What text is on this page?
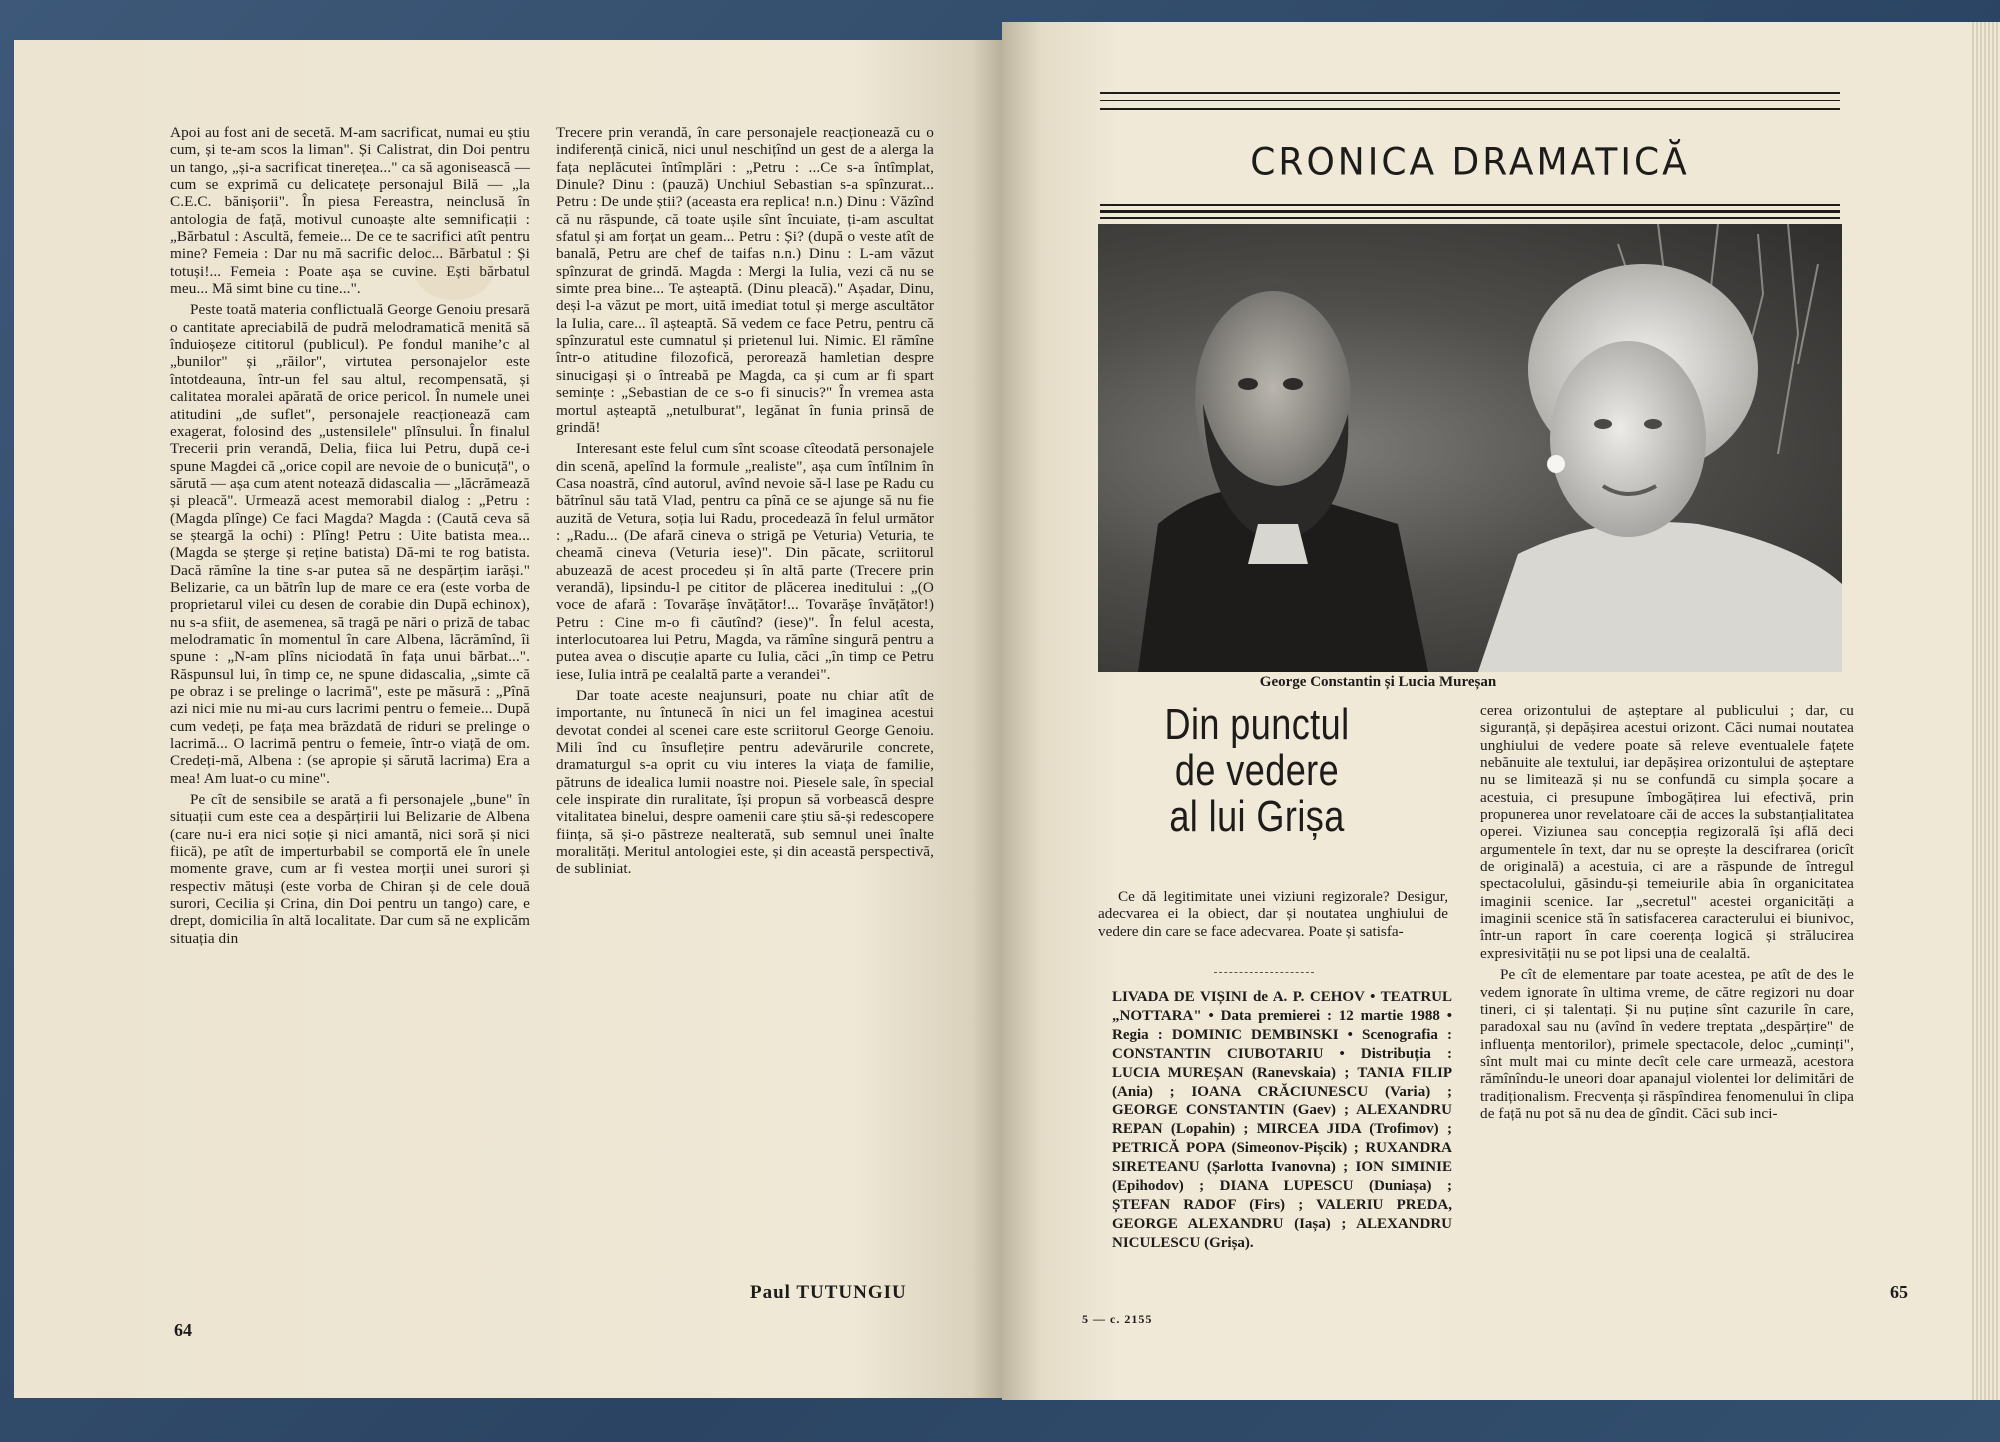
Apoi au fost ani de secetă. M-am sacrificat, numai eu știu cum, și te-am scos la liman". Și Calistrat, din Doi pentru un tango, „și-a sacrificat tinerețea..." ca să agonisească — cum se exprimă cu delicatețe personajul Bilă — „la C.E.C. bănișorii". În piesa Fereastra, neinclusă în antologia de față, motivul cunoaște alte semnificații : „Bărbatul : Ascultă, femeie... De ce te sacrifici atît pentru mine? Femeia : Dar nu mă sacrific deloc... Bărbatul : Și totuși!... Femeia : Poate așa se cuvine. Ești bărbatul meu... Mă simt bine cu tine...".

Peste toată materia conflictuală George Genoiu presară o cantitate apreciabilă de pudră melodramatică menită să înduioșeze cititorul (publicul). Pe fondul manihe’c al „bunilor" și „răilor", virtutea personajelor este întotdeauna, într-un fel sau altul, recompensată, și calitatea moralei apărată de orice pericol. În numele unei atitudini „de suflet", personajele reacționează cam exagerat, folosind des „ustensilele" plînsului. În finalul Trecerii prin verandă, Delia, fiica lui Petru, după ce-i spune Magdei că „orice copil are nevoie de o bunicuță", o sărută — așa cum atent notează didascalia — „lăcrămează și pleacă". Urmează acest memorabil dialog : „Petru : (Magda plînge) Ce faci Magda? Magda : (Caută ceva să se șteargă la ochi) : Plîng! Petru : Uite batista mea... (Magda se șterge și reține batista) Dă-mi te rog batista. Dacă rămîne la tine s-ar putea să ne despărțim iarăși." Belizarie, ca un bătrîn lup de mare ce era (este vorba de proprietarul vilei cu desen de corabie din După echinox), nu s-a sfiit, de asemenea, să tragă pe nări o priză de tabac melodramatic în momentul în care Albena, lăcrămînd, îi spune : „N-am plîns niciodată în fața unui bărbat...". Răspunsul lui, în timp ce, ne spune didascalia, „simte că pe obraz i se prelinge o lacrimă", este pe măsură : „Pînă azi nici mie nu mi-au curs lacrimi pentru o femeie... După cum vedeți, pe fața mea brăzdată de riduri se prelinge o lacrimă... O lacrimă pentru o femeie, într-o viață de om. Credeți-mă, Albena : (se apropie și sărută lacrima) Era a mea! Am luat-o cu mine".

Pe cît de sensibile se arată a fi personajele „bune" în situații cum este cea a despărțirii lui Belizarie de Albena (care nu-i era nici soție și nici amantă, nici soră și nici fiică), pe atît de imperturbabil se comportă ele în unele momente grave, cum ar fi vestea morții unei surori și respectiv mătuși (este vorba de Chiran și de cele două surori, Cecilia și Crina, din Doi pentru un tango) care, e drept, domicilia în altă localitate. Dar cum să ne explicăm situația din

Trecere prin verandă, în care personajele reacționează cu o indiferență cinică, nici unul neschițînd un gest de a alerga la fața neplăcutei întîmplări : „Petru : ...Ce s-a întîmplat, Dinule? Dinu : (pauză) Unchiul Sebastian s-a spînzurat... Petru : De unde știi? (aceasta era replica! n.n.) Dinu : Văzînd că nu răspunde, că toate ușile sînt încuiate, ți-am ascultat sfatul și am forțat un geam... Petru : Și? (după o veste atît de banală, Petru are chef de taifas n.n.) Dinu : L-am văzut spînzurat de grindă. Magda : Mergi la Iulia, vezi că nu se simte prea bine... Te așteaptă. (Dinu pleacă)." Așadar, Dinu, deși l-a văzut pe mort, uită imediat totul și merge ascultător la Iulia, care... îl așteaptă. Să vedem ce face Petru, pentru că spînzuratul este cumnatul și prietenul lui. Nimic. El rămîne într-o atitudine filozofică, perorează hamletian despre sinucigași și o întreabă pe Magda, ca și cum ar fi spart semințe : „Sebastian de ce s-o fi sinucis?" În vremea asta mortul așteaptă „netulburat", legănat în funia prinsă de grindă!

Interesant este felul cum sînt scoase cîteodată personajele din scenă, apelînd la formule „realiste", așa cum întîlnim în Casa noastră, cînd autorul, avînd nevoie să-l lase pe Radu cu bătrînul său tată Vlad, pentru ca pînă ce se ajunge să nu fie auzită de Vetura, soția lui Radu, procedează în felul următor : „Radu... (De afară cineva o strigă pe Veturia) Veturia, te cheamă cineva (Veturia iese)". Din păcate, scriitorul abuzează de acest procedeu și în altă parte (Trecere prin verandă), lipsindu-l pe cititor de plăcerea ineditului : „(O voce de afară : Tovarășe învățător!... Tovarășe învățător!) Petru : Cine m-o fi căutînd? (iese)". În felul acesta, interlocutoarea lui Petru, Magda, va rămîne singură pentru a putea avea o discuție aparte cu Iulia, căci „în timp ce Petru iese, Iulia intră pe cealaltă parte a verandei".

Dar toate aceste neajunsuri, poate nu chiar atît de importante, nu întunecă în nici un fel imaginea acestui devotat condei al scenei care este scriitorul George Genoiu. Mili înd cu însuflețire pentru adevărurile concrete, dramaturgul s-a oprit cu viu interes la viața de familie, pătruns de idealica lumii noastre noi. Piesele sale, în special cele inspirate din ruralitate, își propun să vorbească despre vitalitatea binelui, despre oamenii care știu să-și redescopere ființa, să și-o păstreze nealterată, sub semnul unei înalte moralități. Meritul antologiei este, și din această perspectivă, de subliniat.

Paul TUTUNGIU
64
CRONICA DRAMATICĂ
George Constantin și Lucia Mureșan
Din punctul
de vedere
al lui Grișa

Ce dă legitimitate unei viziuni regizorale? Desigur, adecvarea ei la obiect, dar și noutatea unghiului de vedere din care se face adecvarea. Poate și satisfa-

LIVADA DE VIȘINI de A. P. CEHOV • TEATRUL „NOTTARA" • Data premierei : 12 martie 1988 • Regia : DOMINIC DEMBINSKI • Scenografia : CONSTANTIN CIUBOTARIU • Distribuția : LUCIA MUREȘAN (Ranevskaia) ; TANIA FILIP (Ania) ; IOANA CRĂCIUNESCU (Varia) ; GEORGE CONSTANTIN (Gaev) ; ALEXANDRU REPAN (Lopahin) ; MIRCEA JIDA (Trofimov) ; PETRICĂ POPA (Simeonov-Pișcik) ; RUXANDRA SIRETEANU (Șarlotta Ivanovna) ; ION SIMINIE (Epihodov) ; DIANA LUPESCU (Duniașa) ; ȘTEFAN RADOF (Firs) ; VALERIU PREDA, GEORGE ALEXANDRU (Iașa) ; ALEXANDRU NICULESCU (Grișa).

cerea orizontului de așteptare al publicului ; dar, cu siguranță, și depășirea acestui orizont. Căci numai noutatea unghiului de vedere poate să releve eventualele fațete nebănuite ale textului, iar depășirea orizontului de așteptare nu se limitează și nu se confundă cu simpla șocare a acestuia, ci presupune îmbogățirea lui efectivă, prin propunerea unor revelatoare căi de acces la substanțialitatea operei. Viziunea sau concepția regizorală își află deci argumentele în text, dar nu se oprește la descifrarea (oricît de originală) a acestuia, ci are a răspunde de întregul spectacolului, găsindu-și temeiurile abia în organicitatea imaginii scenice. Iar „secretul" acestei organicități a imaginii scenice stă în satisfacerea caracterului ei biunivoc, într-un raport în care coerența logică și strălucirea expresivității nu se pot lipsi una de cealaltă.

Pe cît de elementare par toate acestea, pe atît de des le vedem ignorate în ultima vreme, de către regizori nu doar tineri, ci și talentați. Și nu puține sînt cazurile în care, paradoxal sau nu (avînd în vedere treptata „despărțire" de influența mentorilor), primele spectacole, deloc „cuminți", sînt mult mai cu minte decît cele care urmează, acestora rămînîndu-le uneori doar apanajul violentei lor delimitări de tradiționalism. Frecvența și răspîndirea fenomenului în clipa de față nu pot să nu dea de gîndit. Căci sub inci-

5 — c. 2155
65
